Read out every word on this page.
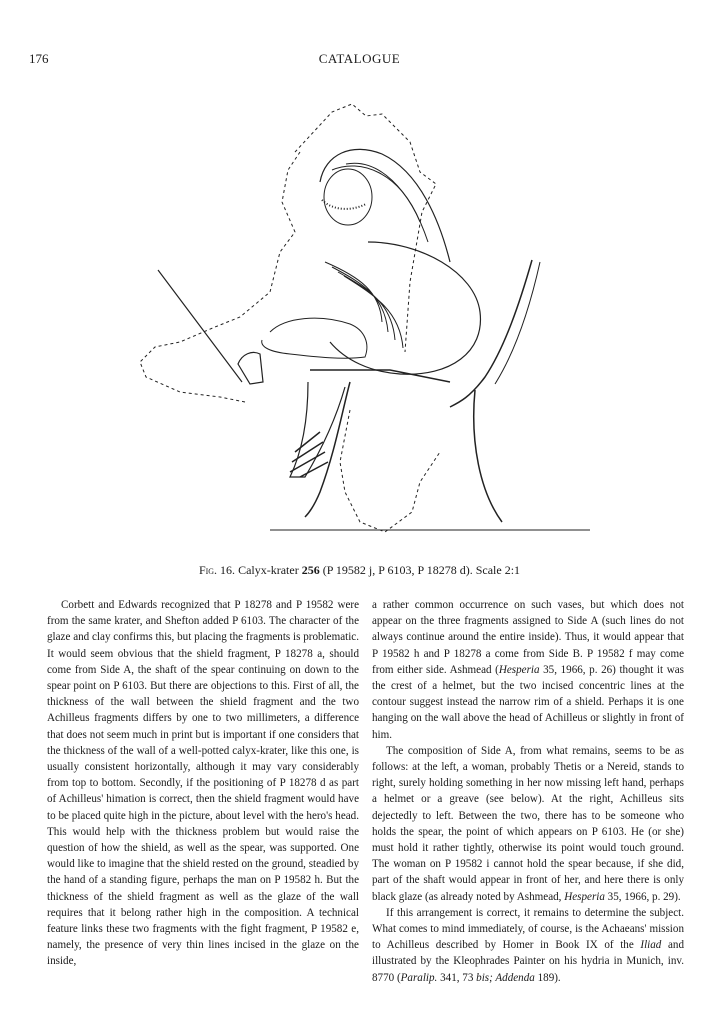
176	CATALOGUE
Fig. 16. Calyx-krater 256 (P 19582 j, P 6103, P 18278 d). Scale 2:1

Corbett and Edwards recognized that P 18278 and P 19582 were from the same krater, and Shefton added P 6103. The character of the glaze and clay confirms this, but placing the fragments is problematic. It would seem obvious that the shield fragment, P 18278 a, should come from Side A, the shaft of the spear continuing on down to the spear point on P 6103. But there are objections to this. First of all, the thickness of the wall between the shield fragment and the two Achilleus fragments differs by one to two millimeters, a difference that does not seem much in print but is important if one considers that the thickness of the wall of a well-potted calyx-krater, like this one, is usually consistent horizontally, although it may vary considerably from top to bottom. Secondly, if the positioning of P 18278 d as part of Achilleus' himation is correct, then the shield fragment would have to be placed quite high in the picture, about level with the hero's head. This would help with the thickness problem but would raise the question of how the shield, as well as the spear, was supported. One would like to imagine that the shield rested on the ground, steadied by the hand of a standing figure, perhaps the man on P 19582 h. But the thickness of the shield fragment as well as the glaze of the wall requires that it belong rather high in the composition. A technical feature links these two fragments with the fight fragment, P 19582 e, namely, the presence of very thin lines incised in the glaze on the inside,

a rather common occurrence on such vases, but which does not appear on the three fragments assigned to Side A (such lines do not always continue around the entire inside). Thus, it would appear that P 19582 h and P 18278 a come from Side B. P 19582 f may come from either side. Ashmead (Hesperia 35, 1966, p. 26) thought it was the crest of a helmet, but the two incised concentric lines at the contour suggest instead the narrow rim of a shield. Perhaps it is one hanging on the wall above the head of Achilleus or slightly in front of him.

The composition of Side A, from what remains, seems to be as follows: at the left, a woman, probably Thetis or a Nereid, stands to right, surely holding something in her now missing left hand, perhaps a helmet or a greave (see below). At the right, Achilleus sits dejectedly to left. Between the two, there has to be someone who holds the spear, the point of which appears on P 6103. He (or she) must hold it rather tightly, otherwise its point would touch ground. The woman on P 19582 i cannot hold the spear because, if she did, part of the shaft would appear in front of her, and here there is only black glaze (as already noted by Ashmead, Hesperia 35, 1966, p. 29).

If this arrangement is correct, it remains to determine the subject. What comes to mind immediately, of course, is the Achaeans' mission to Achilleus described by Homer in Book IX of the Iliad and illustrated by the Kleophrades Painter on his hydria in Munich, inv. 8770 (Paralip. 341, 73 bis; Addenda 189).
